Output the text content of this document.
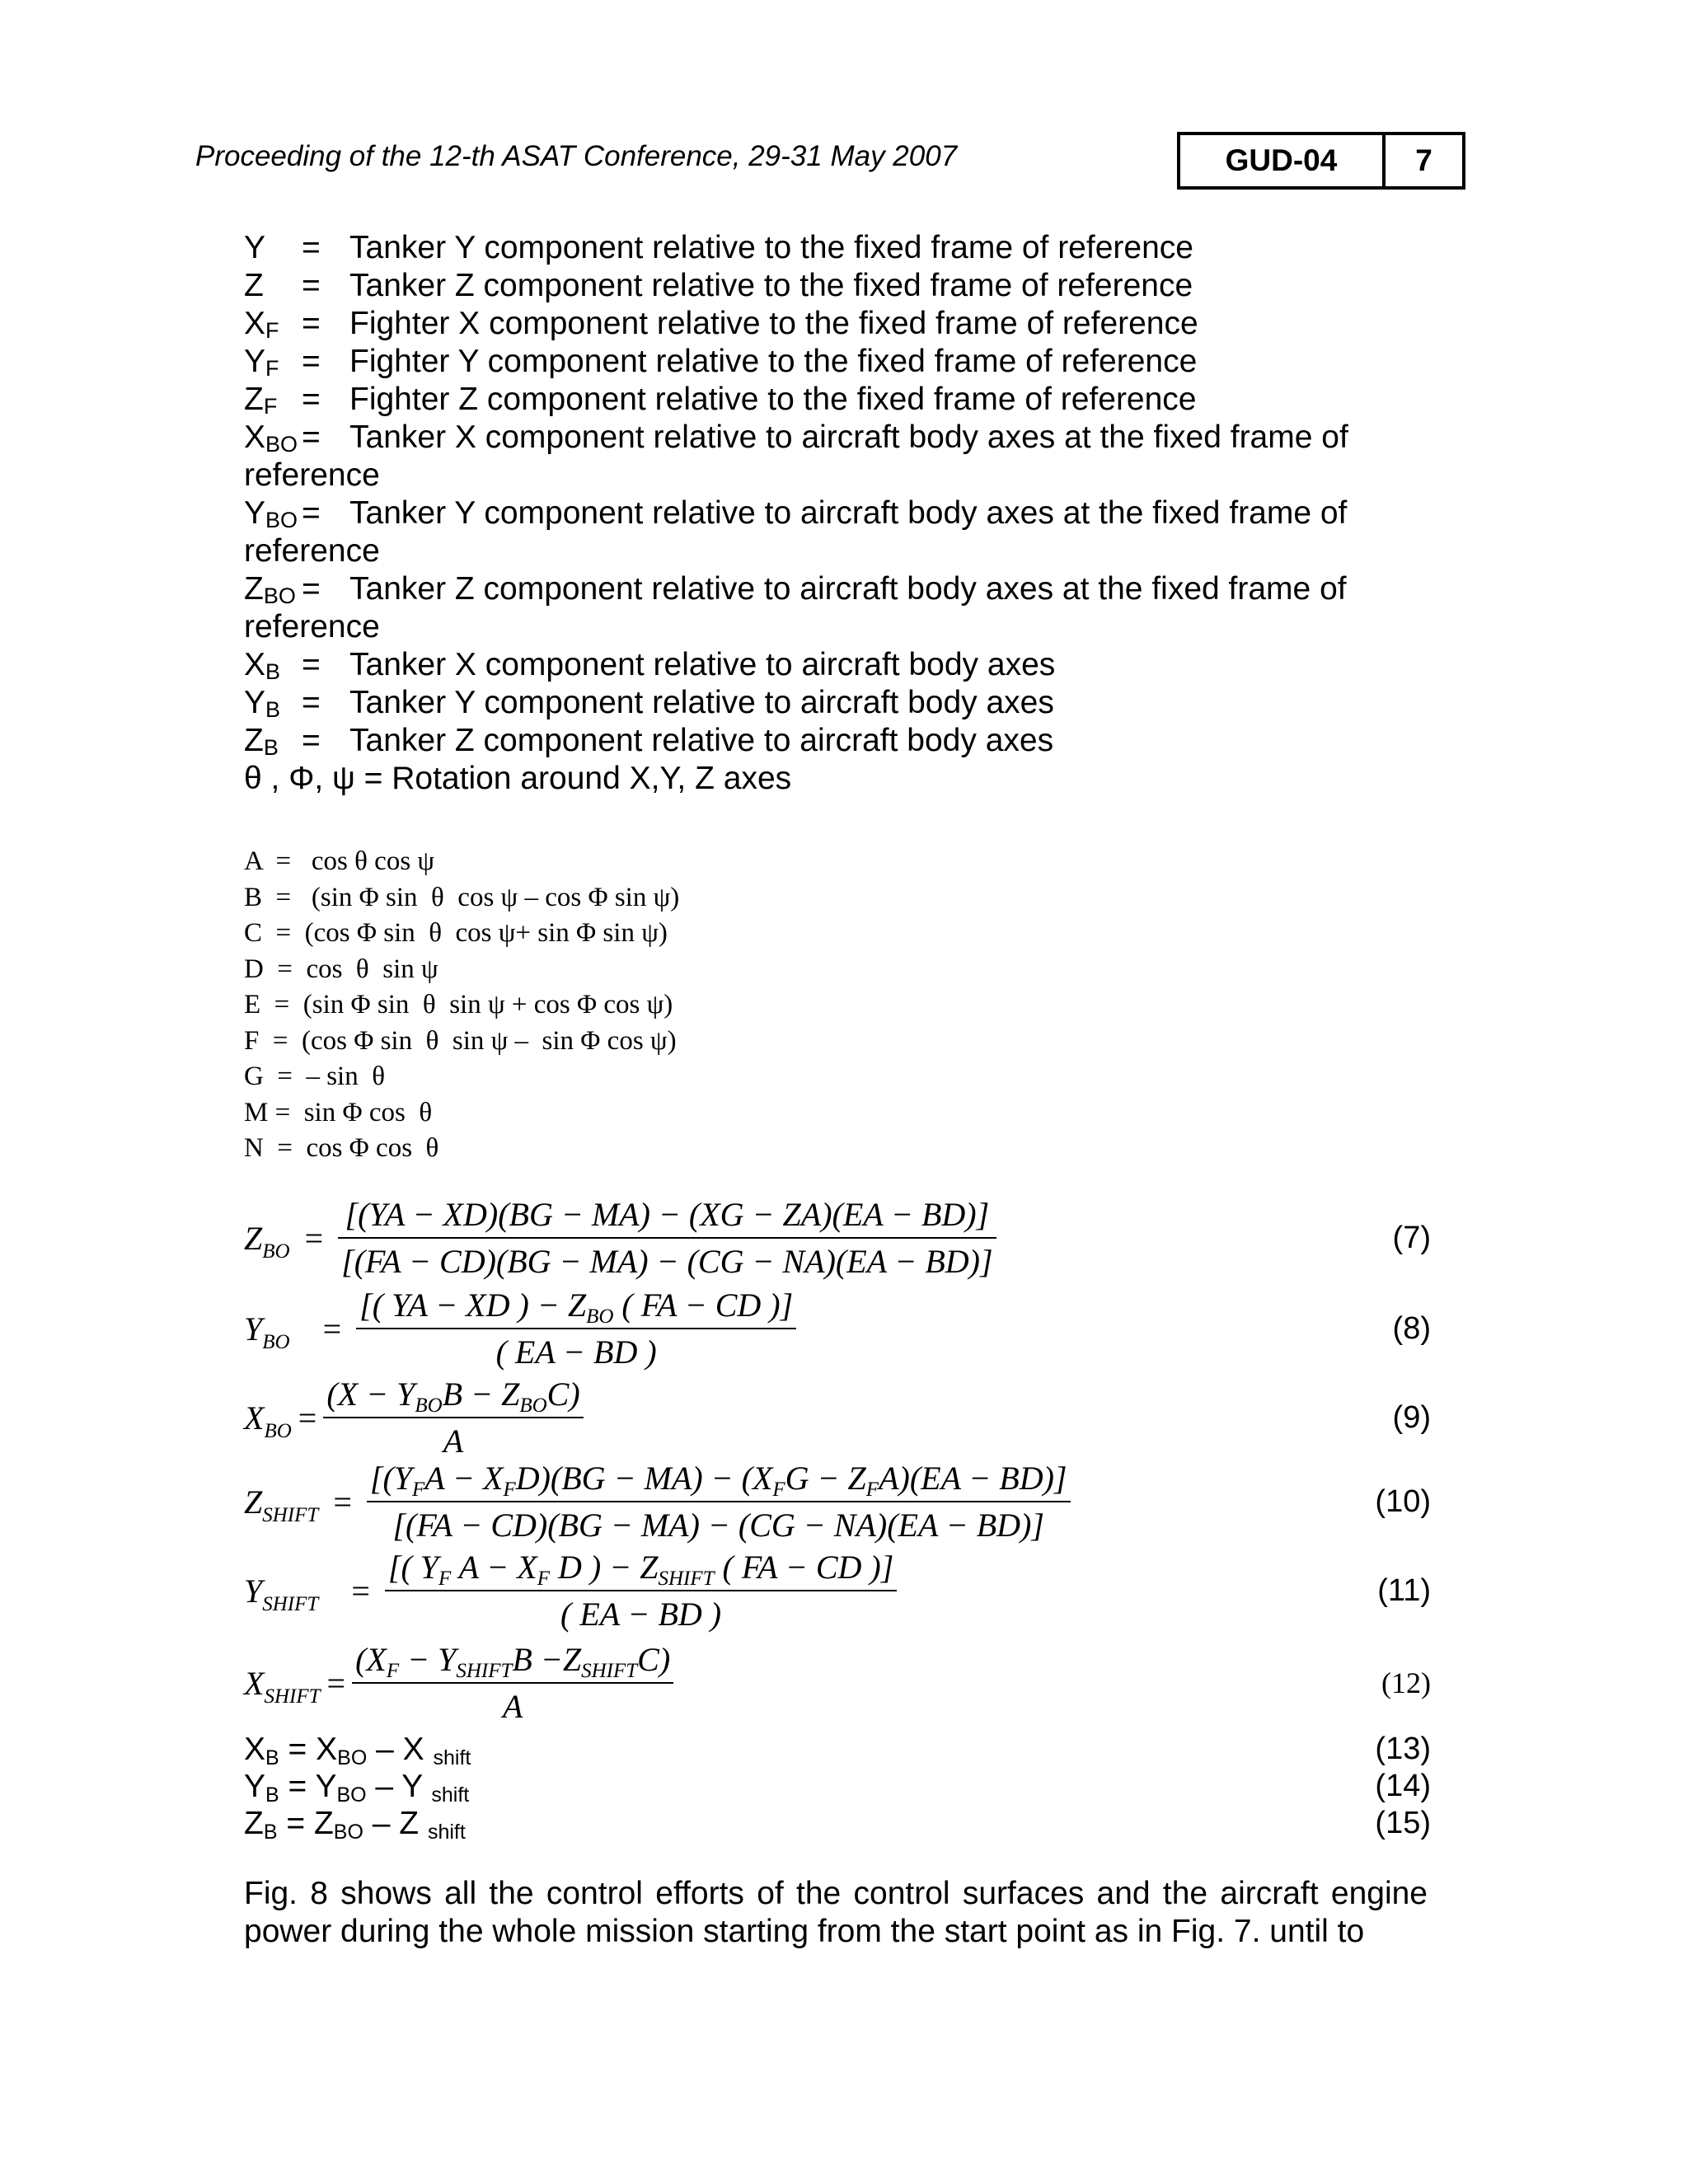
Proceeding of the 12-th ASAT Conference, 29-31 May 2007	GUD-04	7
Y = Tanker Y component relative to the fixed frame of reference
Z = Tanker Z component relative to the fixed frame of reference
$X_F$ = Fighter X component relative to the fixed frame of reference
$Y_F$ = Fighter Y component relative to the fixed frame of reference
$Z_F$ = Fighter Z component relative to the fixed frame of reference
$X_{BO}$ = Tanker X component relative to aircraft body axes at the fixed frame of reference
$Y_{BO}$ = Tanker Y component relative to aircraft body axes at the fixed frame of reference
$Z_{BO}$ = Tanker Z component relative to aircraft body axes at the fixed frame of reference
$X_B$ = Tanker X component relative to aircraft body axes
$Y_B$ = Tanker Y component relative to aircraft body axes
$Z_B$ = Tanker Z component relative to aircraft body axes
θ , Φ, ψ = Rotation around X,Y, Z axes
A  =   cos θ cos ψ
B  =   (sin Φ sin  θ  cos ψ – cos Φ sin ψ)
C  =  (cos Φ sin  θ  cos ψ+ sin Φ sin ψ)
D  =  cos  θ  sin ψ
E  =  (sin Φ sin  θ  sin ψ + cos Φ cos ψ)
F  =  (cos Φ sin  θ  sin ψ –  sin Φ cos ψ)
G  =  – sin  θ
M =  sin Φ cos  θ
N  =  cos Φ cos  θ
$Z_{BO} = \frac{[(YA - XD)(BG - MA) - (XG - ZA)(EA - BD)]}{[(FA - CD)(BG - MA) - (CG - NA)(EA - BD)]}$	(7)
$Y_{BO} = \frac{[( YA - XD ) - Z_{BO} ( FA - CD )]}{( EA - BD )}$	(8)
$X_{BO} = \frac{(X - Y_{BO}B - Z_{BO}C)}{A}$	(9)
$Z_{SHIFT} = \frac{[(Y_FA - X_FD)(BG - MA) - (X_FG - Z_FA)(EA - BD)]}{[(FA - CD)(BG - MA) - (CG - NA)(EA - BD)]}$	(10)
$Y_{SHIFT} = \frac{[( Y_F A - X_F D ) - Z_{SHIFT} ( FA - CD )]}{( EA - BD )}$	(11)
$X_{SHIFT} = \frac{(X_F - Y_{SHIFT}B -Z_{SHIFT}C)}{A}$	(12)
$X_B = X_{BO} - X$ $_{shift}$	(13)
$Y_B = Y_{BO} - Y$ $_{shift}$	(14)
$Z_B = Z_{BO} - Z$ $_{shift}$	(15)
Fig. 8 shows all the control efforts of the control surfaces and the aircraft engine power during the whole mission starting from the start point as in Fig. 7. until to
